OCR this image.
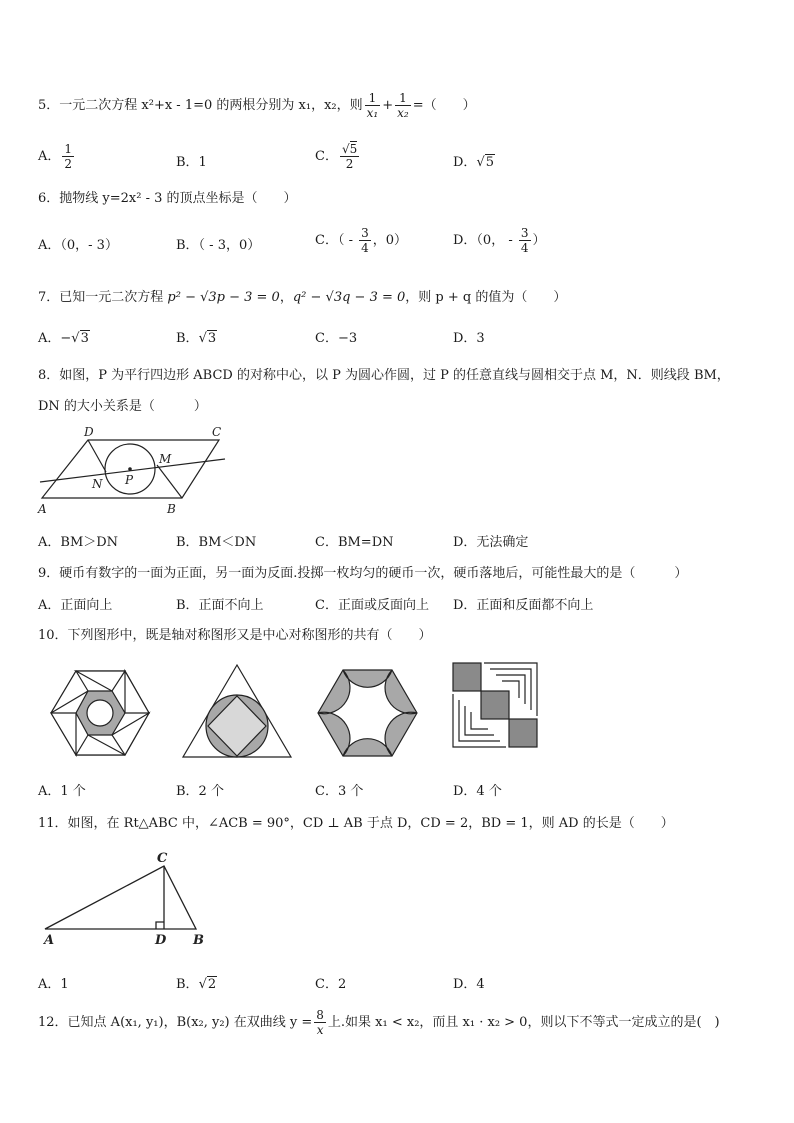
5．一元二次方程 x²+x - 1=0 的两根分别为 x₁，x₂，则 $\frac{1}{\text{x₁}} + \frac{1}{\text{x₂}}$ =（　　）
A． $\frac{1}{2}$	B．1	C． $\frac{√5}{2}$	D．√5
6．抛物线 y=2x² - 3 的顶点坐标是（　　）
A．（0，- 3）	B．（ - 3，0）	C．（ - $\frac{3}{4}$ ，0）	D．（0， - $\frac{3}{4}$ ）
7．已知一元二次方程 p² − √3p − 3 = 0，q² − √3q − 3 = 0，则 p + q 的值为（　　）
A．−√3	B．√3	C．−3	D．3
8．如图，P 为平行四边形 ABCD 的对称中心，以 P 为圆心作圆，过 P 的任意直线与圆相交于点 M，N．则线段 BM，
DN 的大小关系是（　　　）
A	B
C
D
M
N P
A．BM＞DN	B．BM＜DN	C．BM=DN	D．无法确定
9．硬币有数字的一面为正面，另一面为反面.投掷一枚均匀的硬币一次，硬币落地后，可能性最大的是（　　　）
A．正面向上	B．正面不向上	C．正面或反面向上 D．正面和反面都不向上
10．下列图形中，既是轴对称图形又是中心对称图形的共有（　　）
A．1 个	B．2 个	C．3 个	D．4 个
11．如图，在 Rt△ABC 中，∠ACB = 90°，CD ⊥ AB 于点 D，CD = 2，BD = 1，则 AD 的长是（　　）
A	B
C
D
A．1	B．√2	C．2	D．4
12．已知点 A(x₁, y₁)，B(x₂, y₂) 在双曲线 $y = \frac{8}{x}$ 上.如果 x₁ < x₂，而且 x₁ · x₂ > 0，则以下不等式一定成立的是(　)
